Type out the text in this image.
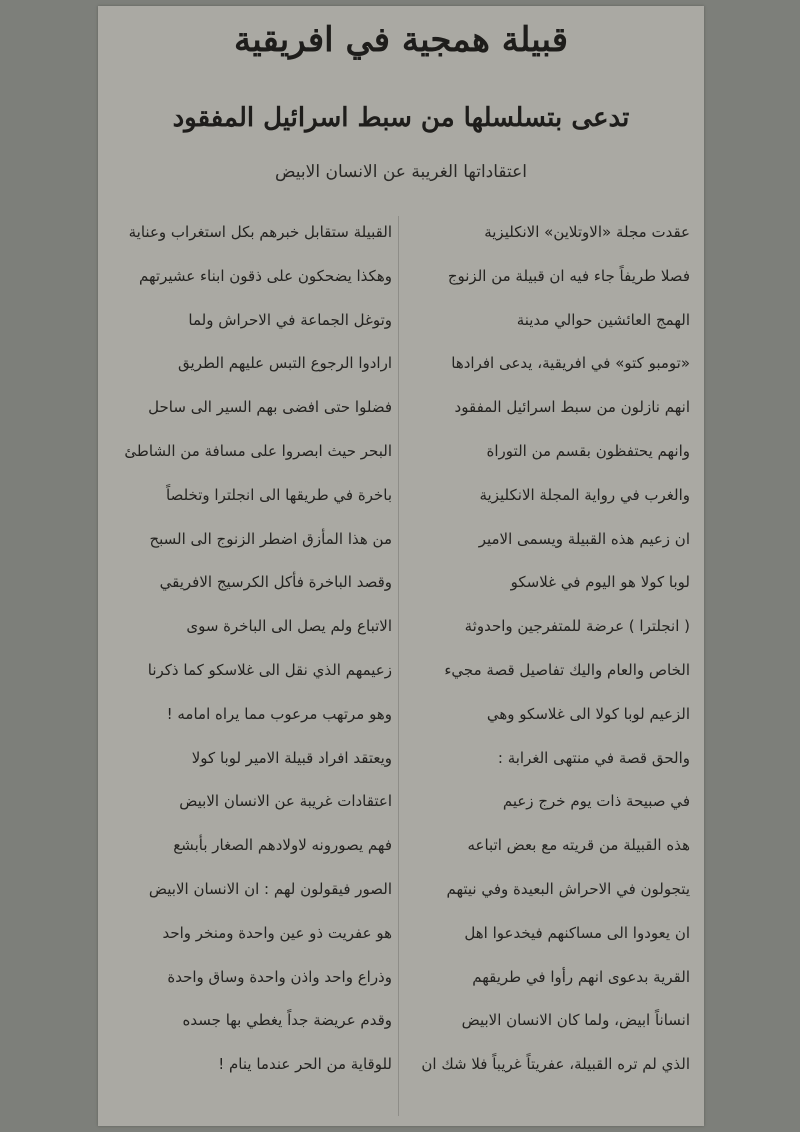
قبيلة همجية في افريقية
تدعى بتسلسلها من سبط اسرائيل المفقود

اعتقاداتها الغريبة عن الانسان الابيض

عقدت مجلة «الاوتلاين» الانكليزية
فصلا طريفاً جاء فيه ان قبيلة من الزنوج
الهمج العائشين حوالي مدينة
«تومبو كتو» في افريقية، يدعى افرادها
انهم نازلون من سبط اسرائيل المفقود
وانهم يحتفظون بقسم من التوراة
والغرب في رواية المجلة الانكليزية
ان زعيم هذه القبيلة ويسمى الامير
لوبا كولا هو اليوم في غلاسكو
( انجلترا ) عرضة للمتفرجين واحدوثة
الخاص والعام واليك تفاصيل قصة مجيء
الزعيم لوبا كولا الى غلاسكو وهي
والحق قصة في منتهى الغرابة :
في صبيحة ذات يوم خرج زعيم
هذه القبيلة من قريته مع بعض اتباعه
يتجولون في الاحراش البعيدة وفي نيتهم
ان يعودوا الى مساكنهم فيخدعوا اهل
القرية بدعوى انهم رأوا في طريقهم
انساناً ابيض، ولما كان الانسان الابيض
الذي لم تره القبيلة، عفريتاً غريباً فلا شك ان
القبيلة ستقابل خبرهم بكل استغراب وعناية
وهكذا يضحكون على ذقون ابناء عشيرتهم
وتوغل الجماعة في الاحراش ولما
ارادوا الرجوع التبس عليهم الطريق
فضلوا حتى افضى بهم السير الى ساحل
البحر حيث ابصروا على مسافة من الشاطئ
باخرة في طريقها الى انجلترا وتخلصاً
من هذا المأزق اضطر الزنوج الى السبح
وقصد الباخرة فأكل الكرسيج الافريقي
الاتباع ولم يصل الى الباخرة سوى
زعيمهم الذي نقل الى غلاسكو كما ذكرنا
وهو مرتهب مرعوب مما يراه امامه !
ويعتقد افراد قبيلة الامير لوبا كولا
اعتقادات غريبة عن الانسان الابيض
فهم يصورونه لاولادهم الصغار بأبشع
الصور فيقولون لهم : ان الانسان الابيض
هو عفريت ذو عين واحدة ومنخر واحد
وذراع واحد واذن واحدة وساق واحدة
وقدم عريضة جداً يغطي بها جسده
للوقاية من الحر عندما ينام !
